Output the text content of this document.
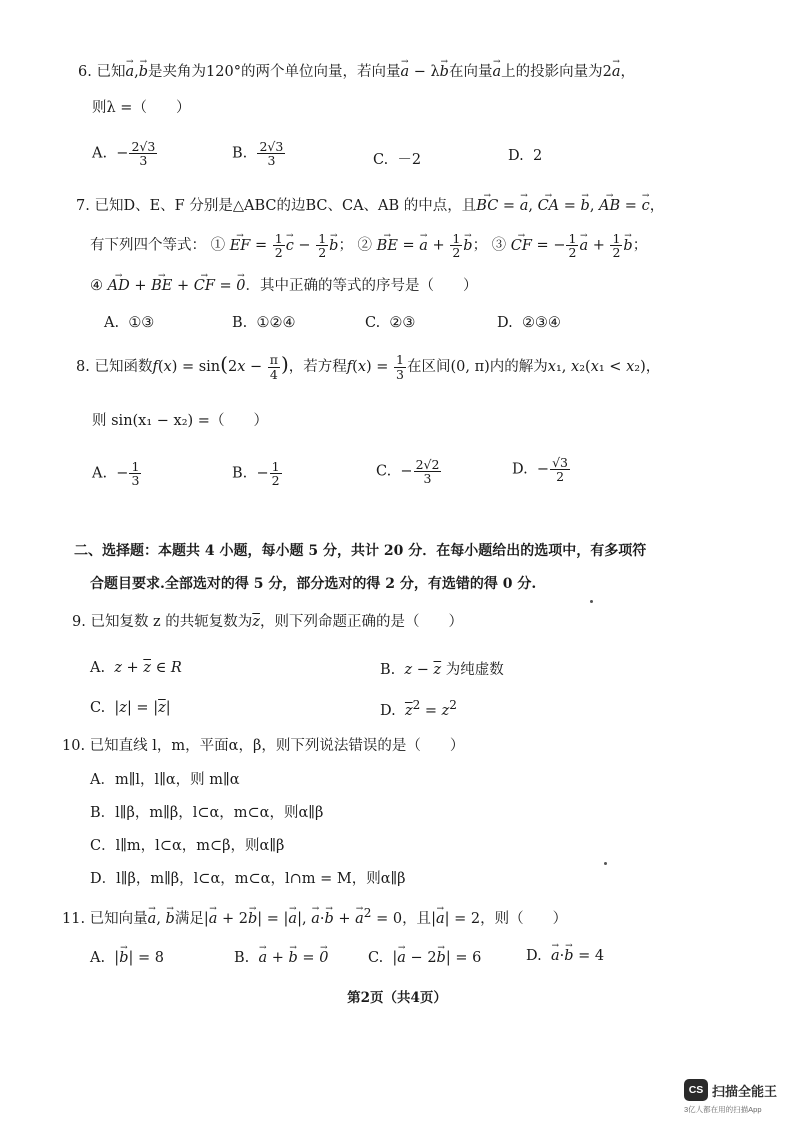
6. 已知→ a,→ b是夹角为120°的两个单位向量，若向量→ a − λ→ b在向量→ a上的投影向量为2→ a，
则λ =（　　）
A.  − $\frac{2√3}{3}$	B. $\frac{2√3}{3}$	C. －2	D. 2
7. 已知D、E、F 分别是△ABC的边BC、CA、AB 的中点，且→ BC = → a, → CA = → b, → AB = → c，
有下列四个等式： ① → EF = $\frac{1}{2} \to c - \frac{1}{2} \to b$； ② → BE = → $a + \frac{1}{2} \to b$； ③ → CF = − $\frac{1}{2} \to a + \frac{1}{2} \to b$；
④ → AD + → BE + → CF = → 0．其中正确的等式的序号是（　　）
A. ①③	B. ①②④	C. ②③	D. ②③④
8. 已知函数$f(x) = \sin(2x - \frac{\pi}{4}$ )，若方程$f(x) = \frac{1}{3}$ 在区间(0, π)内的解为x₁, x₂(x₁ < x₂)，
则 sin(x₁ − x₂) =（　　）
A.  − $\frac{1}{3}$	B.  − $\frac{1}{2}$	C.  − $\frac{2√2}{3}$	D.  − $\frac{√3}{2}$
二、选择题：本题共 4 小题，每小题 5 分，共计 20 分．在每小题给出的选项中，有多项符
合题目要求.全部选对的得 5 分，部分选对的得 2 分，有选错的得 0 分.
9. 已知复数 z 的共轭复数为$\overline{z}$，则下列命题正确的是（　　）
A. $z + \overline{z}$ ∈ R	B. $z - \overline{z}$ 为纯虚数
C.  $|z| = |\overline{z}|$	D. $\overline{z}^2 = z^2$
10. 已知直线 l，m，平面α，β，则下列说法错误的是（　　）
A．m∥l，l∥α，则 m∥α
B．l∥β，m∥β，l⊂α，m⊂α，则α∥β
C．l∥m，l⊂α，m⊂β，则α∥β
D．l∥β，m∥β，l⊂α，m⊂α，l∩m = M，则α∥β
11. 已知向量→ a, → b满足|→ a + 2→ b| = |→ a|, → a·→ b + → $a^2 = 0$，且|→ a| = 2，则（　　）
A.  |→ b| = 8	B. → a + → b = → 0	C.  |→ a − 2→ b| = 6	D. → a·→ b = 4
第2页（共4页）
CS 扫描全能王
3亿人都在用的扫描App
